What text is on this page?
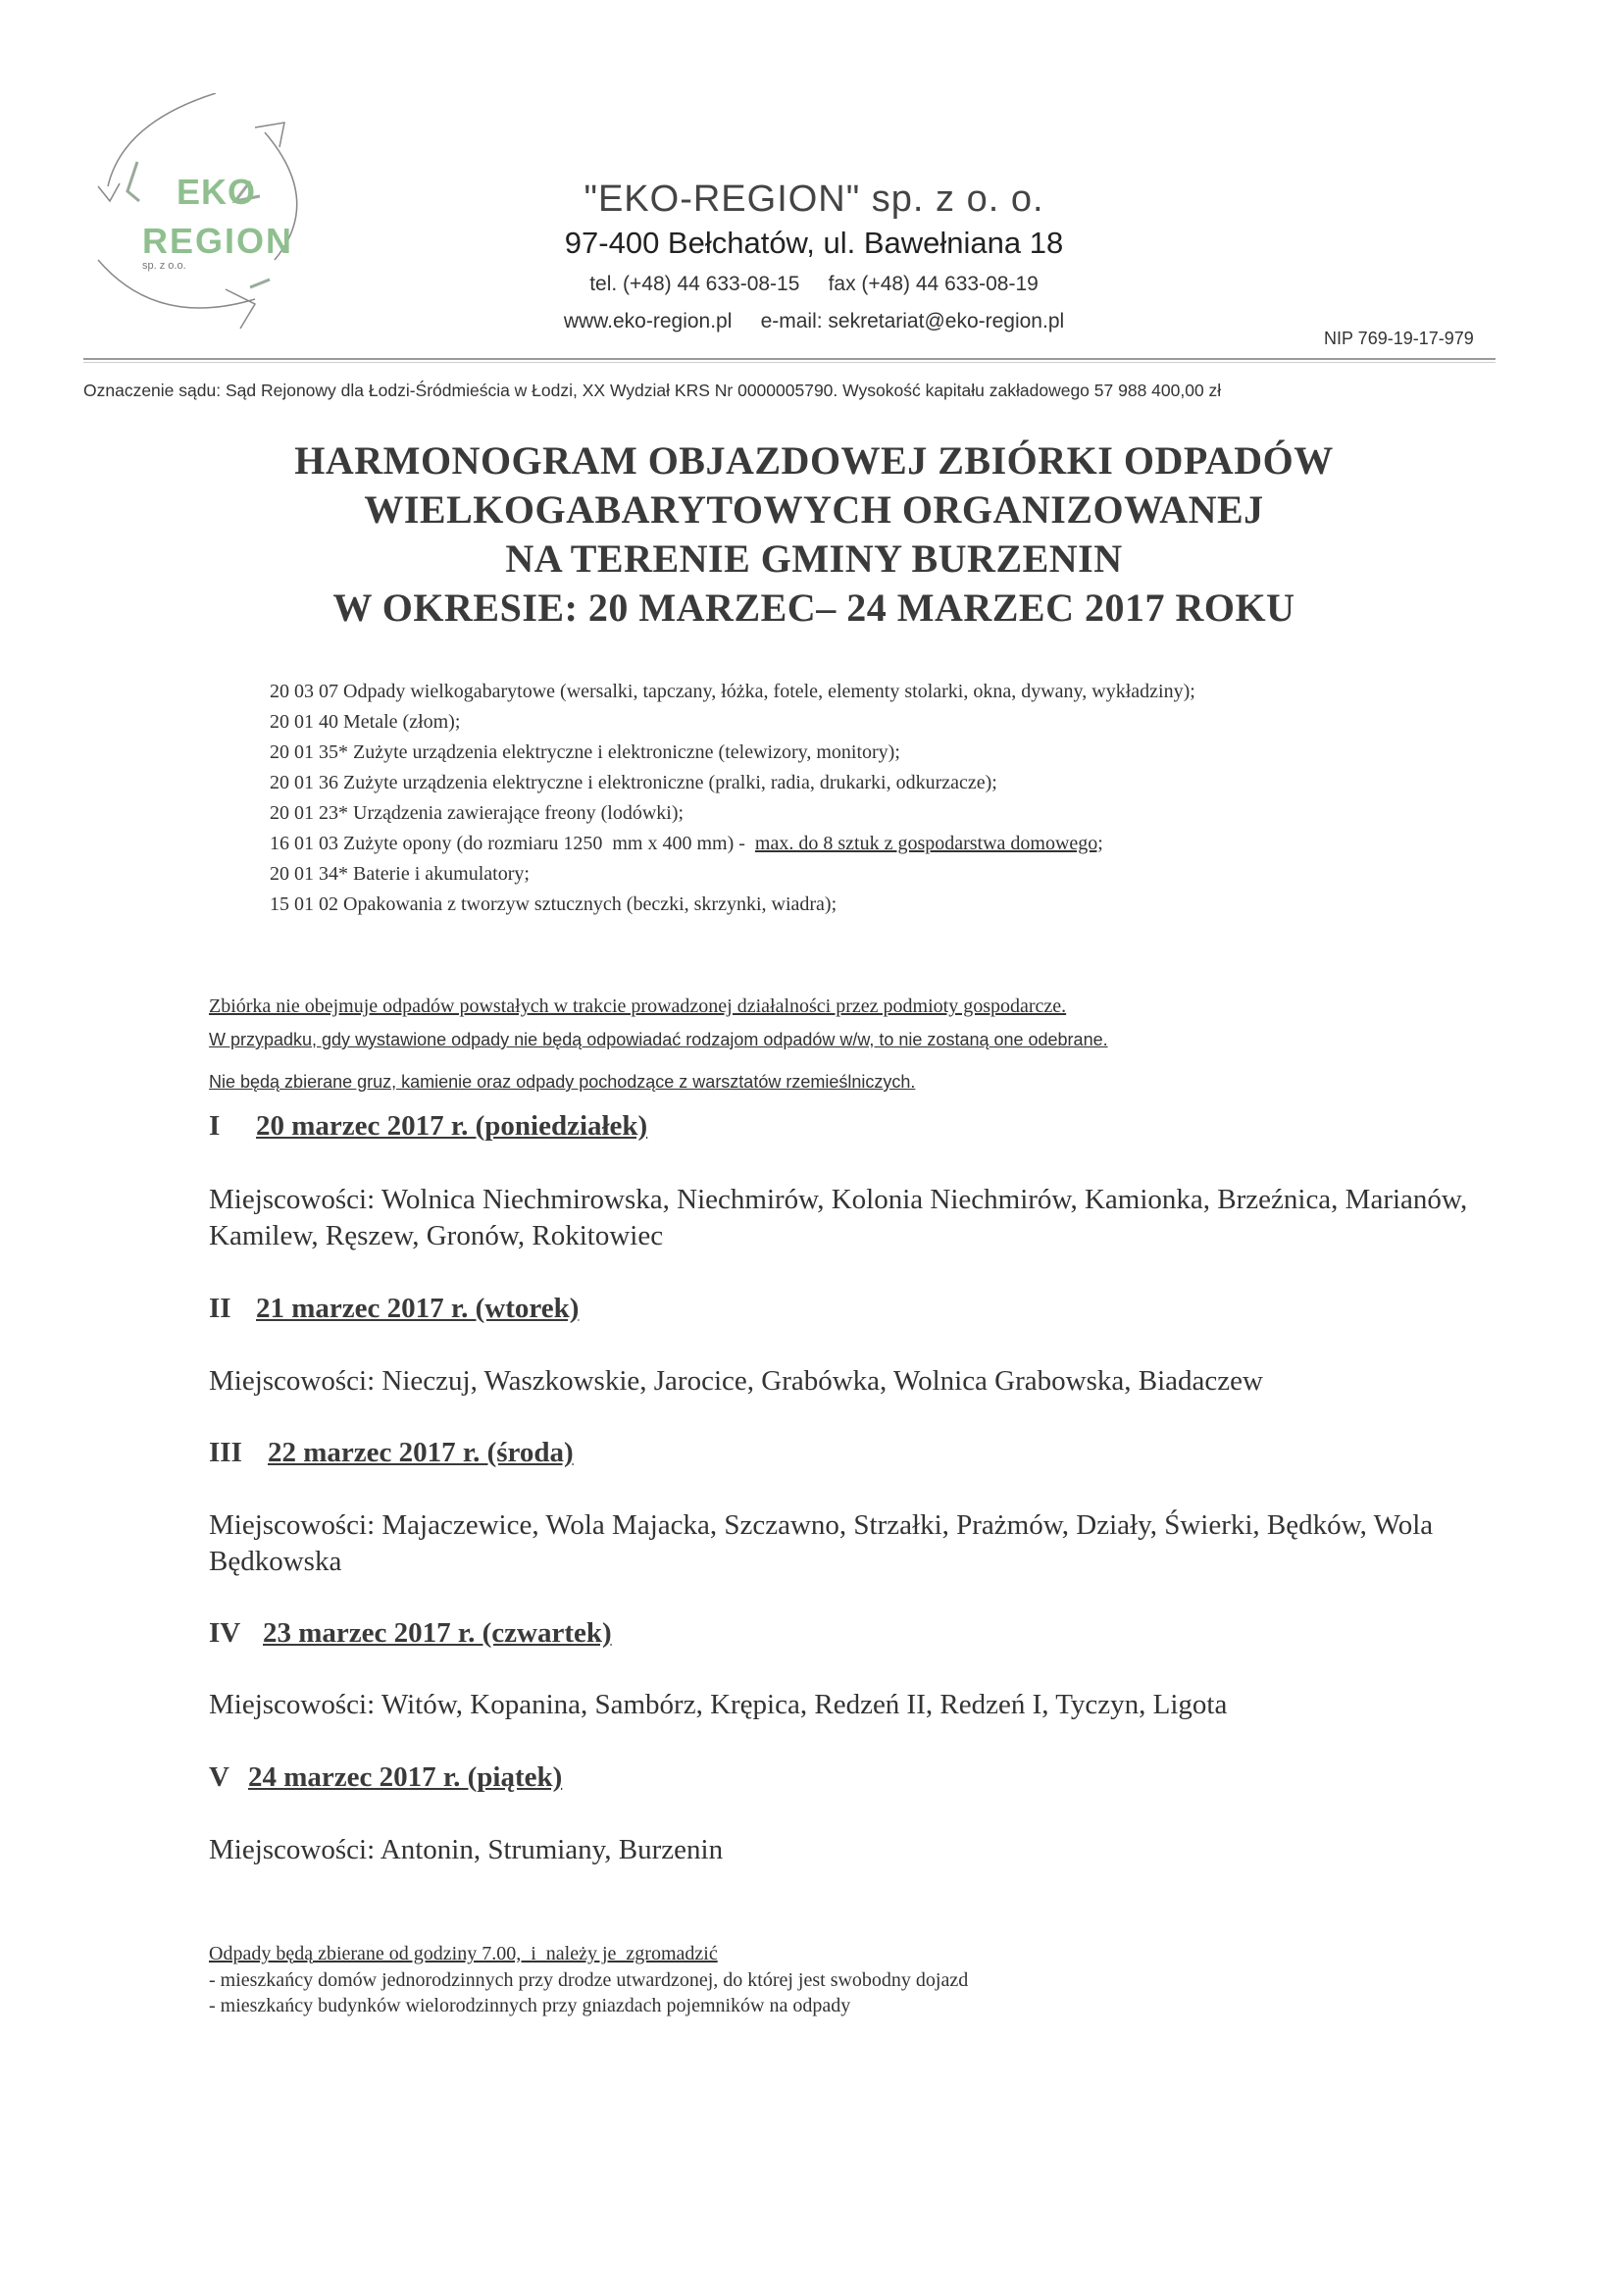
EKO
REGION
sp. z o.o.
"EKO-REGION" sp. z o. o.
97-400 Bełchatów, ul. Bawełniana 18
tel. (+48) 44 633-08-15     fax (+48) 44 633-08-19
www.eko-region.pl     e-mail: sekretariat@eko-region.pl
NIP 769-19-17-979
Oznaczenie sądu: Sąd Rejonowy dla Łodzi-Śródmieścia w Łodzi, XX Wydział KRS Nr 0000005790. Wysokość kapitału zakładowego 57 988 400,00 zł
HARMONOGRAM OBJAZDOWEJ ZBIÓRKI ODPADÓW
WIELKOGABARYTOWYCH ORGANIZOWANEJ
NA TERENIE GMINY BURZENIN
W OKRESIE: 20 MARZEC– 24 MARZEC 2017 ROKU
20 03 07 Odpady wielkogabarytowe (wersalki, tapczany, łóżka, fotele, elementy stolarki, okna, dywany, wykładziny);
20 01 40 Metale (złom);
20 01 35* Zużyte urządzenia elektryczne i elektroniczne (telewizory, monitory);
20 01 36 Zużyte urządzenia elektryczne i elektroniczne (pralki, radia, drukarki, odkurzacze);
20 01 23* Urządzenia zawierające freony (lodówki);
16 01 03 Zużyte opony (do rozmiaru 1250  mm x 400 mm) -  max. do 8 sztuk z gospodarstwa domowego;
20 01 34* Baterie i akumulatory;
15 01 02 Opakowania z tworzyw sztucznych (beczki, skrzynki, wiadra);
Zbiórka nie obejmuje odpadów powstałych w trakcie prowadzonej działalności przez podmioty gospodarcze.
W przypadku, gdy wystawione odpady nie będą odpowiadać rodzajom odpadów w/w, to nie zostaną one odebrane.
Nie będą zbierane gruz, kamienie oraz odpady pochodzące z warsztatów rzemieślniczych.
I 20 marzec 2017 r. (poniedziałek)
Miejscowości: Wolnica Niechmirowska, Niechmirów, Kolonia Niechmirów, Kamionka, Brzeźnica, Marianów, Kamilew, Ręszew, Gronów, Rokitowiec
II 21 marzec 2017 r. (wtorek)
Miejscowości: Nieczuj, Waszkowskie, Jarocice, Grabówka, Wolnica Grabowska, Biadaczew
III 22 marzec 2017 r. (środa)
Miejscowości: Majaczewice, Wola Majacka, Szczawno, Strzałki, Prażmów, Działy, Świerki, Będków, Wola Będkowska
IV 23 marzec 2017 r. (czwartek)
Miejscowości: Witów, Kopanina, Sambórz, Krępica, Redzeń II, Redzeń I, Tyczyn, Ligota
V 24 marzec 2017 r. (piątek)
Miejscowości: Antonin, Strumiany, Burzenin
Odpady będą zbierane od godziny 7.00,  i  należy je  zgromadzić
- mieszkańcy domów jednorodzinnych przy drodze utwardzonej, do której jest swobodny dojazd
- mieszkańcy budynków wielorodzinnych przy gniazdach pojemników na odpady
